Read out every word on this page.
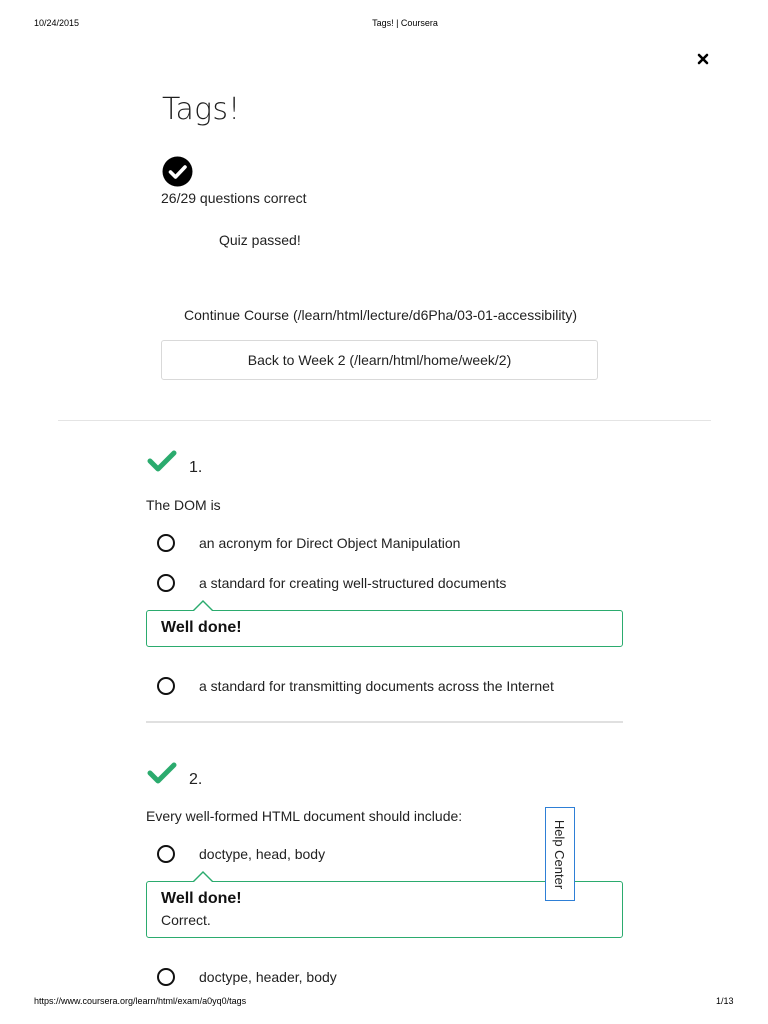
10/24/2015	Tags! | Coursera
Tags!
26/29 questions correct
Quiz passed!
Continue Course (/learn/html/lecture/d6Pha/03-01-accessibility)
Back to Week 2 (/learn/html/home/week/2)
1.
The DOM is
an acronym for Direct Object Manipulation
a standard for creating well-structured documents
Well done!
a standard for transmitting documents across the Internet
2.
Every well-formed HTML document should include:
doctype, head, body
Well done!
Correct.
doctype, header, body
Help Center
https://www.coursera.org/learn/html/exam/a0yq0/tags	1/13
